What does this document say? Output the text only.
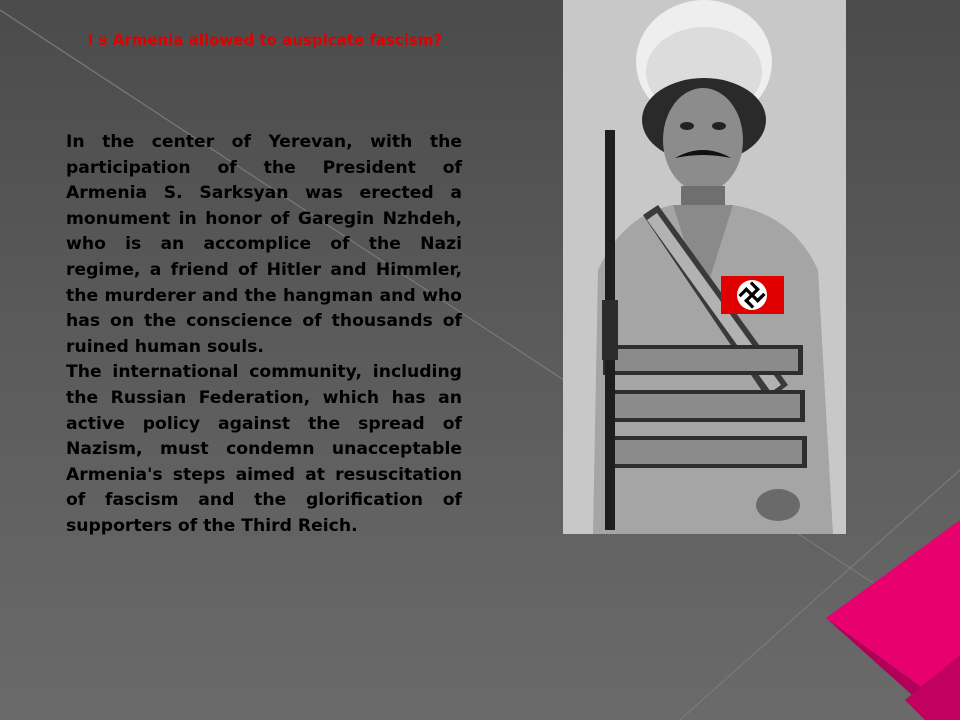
I s Armenia allowed to auspicate fascism?

In the center of Yerevan, with the participation of the President of Armenia S. Sarksyan was erected a monument in honor of Garegin Nzhdeh, who is an accomplice of the Nazi regime, a friend of Hitler and Himmler, the murderer and the hangman and who has on the conscience of thousands of ruined human souls.

The international community, including the Russian Federation, which has an active policy against the spread of Nazism, must condemn unacceptable Armenia's steps aimed at resuscitation of fascism and the glorification of supporters of the Third Reich.
